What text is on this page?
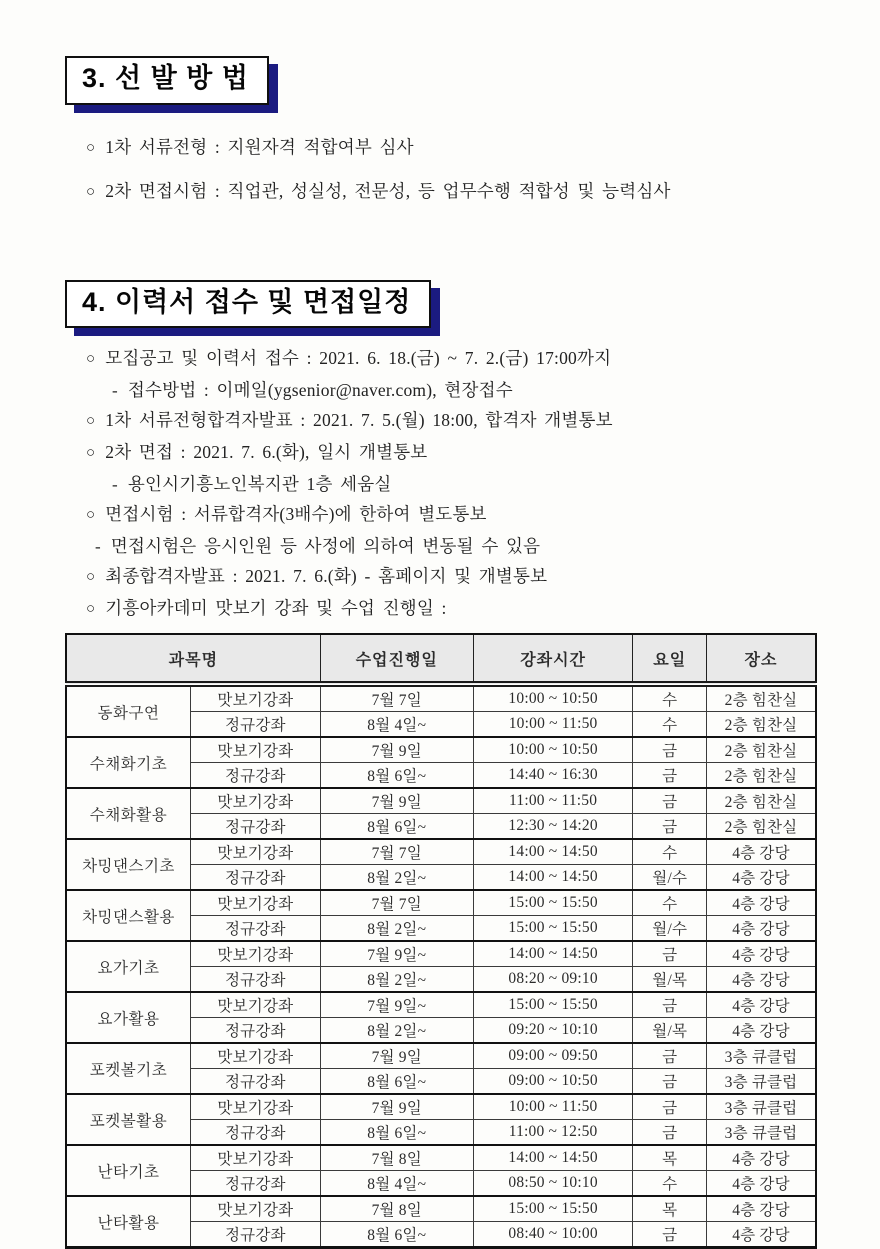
3. 선 발 방 법
○ 1차 서류전형 : 지원자격 적합여부 심사
○ 2차 면접시험 : 직업관, 성실성, 전문성, 등 업무수행 적합성 및 능력심사
4. 이력서 접수 및 면접일정
○ 모집공고 및 이력서 접수 : 2021. 6. 18.(금) ~ 7. 2.(금) 17:00까지
- 접수방법 : 이메일(ygsenior@naver.com), 현장접수
○ 1차 서류전형합격자발표 : 2021. 7. 5.(월) 18:00, 합격자 개별통보
○ 2차 면접 : 2021. 7. 6.(화), 일시 개별통보
- 용인시기흥노인복지관 1층 세움실
○ 면접시험 : 서류합격자(3배수)에 한하여 별도통보
- 면접시험은 응시인원 등 사정에 의하여 변동될 수 있음
○ 최종합격자발표 : 2021. 7. 6.(화) - 홈페이지 및 개별통보
○ 기흥아카데미 맛보기 강좌 및 수업 진행일 :
과목명		수업진행일	강좌시간	요일	장소
동화구연	맛보기강좌	7월 7일	10:00 ~ 10:50	수	2층 힘찬실
	정규강좌	8월 4일~	10:00 ~ 11:50	수	2층 힘찬실
수채화기초	맛보기강좌	7월 9일	10:00 ~ 10:50	금	2층 힘찬실
	정규강좌	8월 6일~	14:40 ~ 16:30	금	2층 힘찬실
수채화활용	맛보기강좌	7월 9일	11:00 ~ 11:50	금	2층 힘찬실
	정규강좌	8월 6일~	12:30 ~ 14:20	금	2층 힘찬실
차밍댄스기초	맛보기강좌	7월 7일	14:00 ~ 14:50	수	4층 강당
	정규강좌	8월 2일~	14:00 ~ 14:50	월/수	4층 강당
차밍댄스활용	맛보기강좌	7월 7일	15:00 ~ 15:50	수	4층 강당
	정규강좌	8월 2일~	15:00 ~ 15:50	월/수	4층 강당
요가기초	맛보기강좌	7월 9일~	14:00 ~ 14:50	금	4층 강당
	정규강좌	8월 2일~	08:20 ~ 09:10	월/목	4층 강당
요가활용	맛보기강좌	7월 9일~	15:00 ~ 15:50	금	4층 강당
	정규강좌	8월 2일~	09:20 ~ 10:10	월/목	4층 강당
포켓볼기초	맛보기강좌	7월 9일	09:00 ~ 09:50	금	3층 큐클럽
	정규강좌	8월 6일~	09:00 ~ 10:50	금	3층 큐클럽
포켓볼활용	맛보기강좌	7월 9일	10:00 ~ 11:50	금	3층 큐클럽
	정규강좌	8월 6일~	11:00 ~ 12:50	금	3층 큐클럽
난타기초	맛보기강좌	7월 8일	14:00 ~ 14:50	목	4층 강당
	정규강좌	8월 4일~	08:50 ~ 10:10	수	4층 강당
난타활용	맛보기강좌	7월 8일	15:00 ~ 15:50	목	4층 강당
	정규강좌	8월 6일~	08:40 ~ 10:00	금	4층 강당
